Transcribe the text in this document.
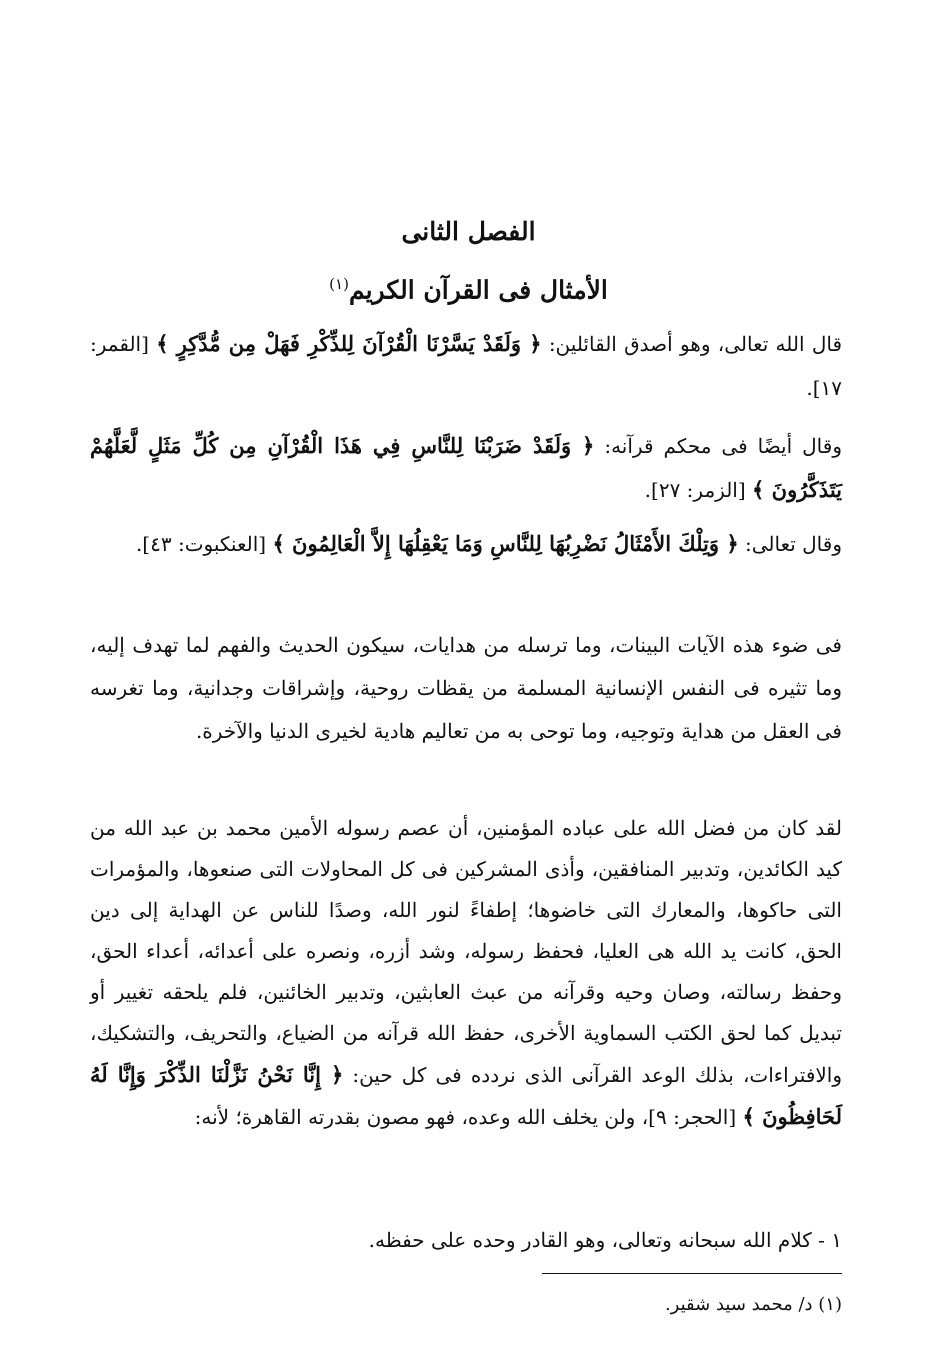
الفصل الثانى
الأمثال فى القرآن الكريم$^{(١)}$
قال الله تعالى، وهو أصدق القائلين: ﴿ وَلَقَدْ يَسَّرْنَا الْقُرْآنَ لِلذِّكْرِ فَهَلْ مِن مُّدَّكِرٍ ﴾ [القمر: ١٧].
وقال أيضًا فى محكم قرآنه: ﴿ وَلَقَدْ ضَرَبْنَا لِلنَّاسِ فِي هَذَا الْقُرْآنِ مِن كُلِّ مَثَلٍ لَّعَلَّهُمْ يَتَذَكَّرُونَ ﴾ [الزمر: ٢٧].
وقال تعالى: ﴿ وَتِلْكَ الأَمْثَالُ نَضْرِبُهَا لِلنَّاسِ وَمَا يَعْقِلُهَا إِلاَّ الْعَالِمُونَ ﴾ [العنكبوت: ٤٣].
فى ضوء هذه الآيات البينات، وما ترسله من هدايات، سيكون الحديث والفهم لما تهدف إليه، وما تثيره فى النفس الإنسانية المسلمة من يقظات روحية، وإشراقات وجدانية، وما تغرسه فى العقل من هداية وتوجيه، وما توحى به من تعاليم هادية لخيرى الدنيا والآخرة.
لقد كان من فضل الله على عباده المؤمنين، أن عصم رسوله الأمين محمد بن عبد الله من كيد الكائدين، وتدبير المنافقين، وأذى المشركين فى كل المحاولات التى صنعوها، والمؤمرات التى حاكوها، والمعارك التى خاضوها؛ إطفاءً لنور الله، وصدًا للناس عن الهداية إلى دين الحق، كانت يد الله هى العليا، فحفظ رسوله، وشد أزره، ونصره على أعدائه، أعداء الحق، وحفظ رسالته، وصان وحيه وقرآنه من عبث العابثين، وتدبير الخائنين، فلم يلحقه تغيير أو تبديل كما لحق الكتب السماوية الأخرى، حفظ الله قرآنه من الضياع، والتحريف، والتشكيك، والافتراءات، بذلك الوعد القرآنى الذى نردده فى كل حين: ﴿ إِنَّا نَحْنُ نَزَّلْنَا الذِّكْرَ وَإِنَّا لَهُ لَحَافِظُونَ ﴾ [الحجر: ٩]، ولن يخلف الله وعده، فهو مصون بقدرته القاهرة؛ لأنه:
١ - كلام الله سبحانه وتعالى، وهو القادر وحده على حفظه.
(١) د/ محمد سيد شقير.
